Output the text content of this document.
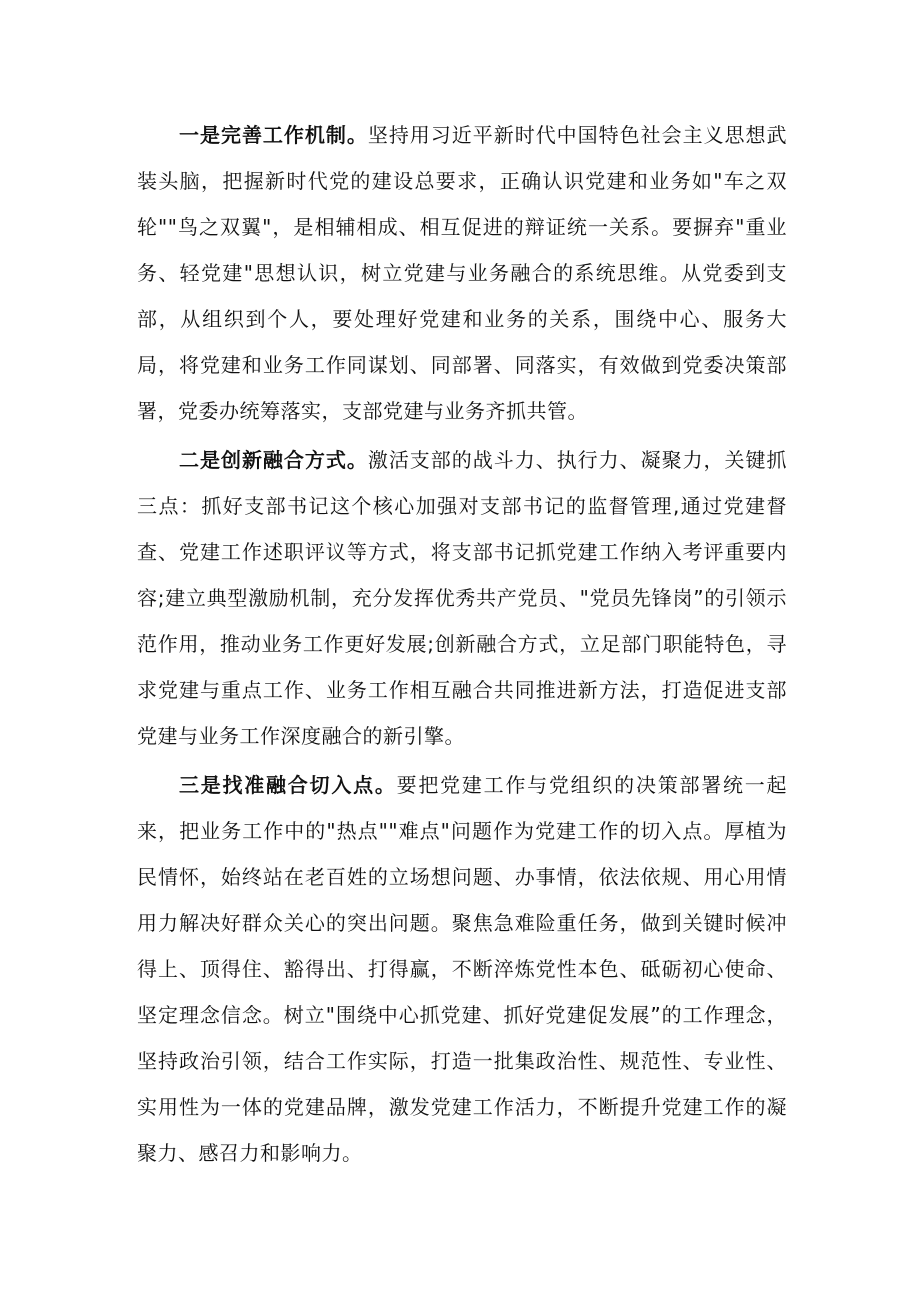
一是完善工作机制。坚持用习近平新时代中国特色社会主义思想武装头脑，把握新时代党的建设总要求，正确认识党建和业务如"车之双轮""鸟之双翼"，是相辅相成、相互促进的辩证统一关系。要摒弃"重业务、轻党建"思想认识，树立党建与业务融合的系统思维。从党委到支部，从组织到个人，要处理好党建和业务的关系，围绕中心、服务大局，将党建和业务工作同谋划、同部署、同落实，有效做到党委决策部署，党委办统筹落实，支部党建与业务齐抓共管。

二是创新融合方式。激活支部的战斗力、执行力、凝聚力，关键抓三点：抓好支部书记这个核心加强对支部书记的监督管理,通过党建督查、党建工作述职评议等方式，将支部书记抓党建工作纳入考评重要内容;建立典型激励机制，充分发挥优秀共产党员、"党员先锋岗”的引领示范作用，推动业务工作更好发展;创新融合方式，立足部门职能特色，寻求党建与重点工作、业务工作相互融合共同推进新方法，打造促进支部党建与业务工作深度融合的新引擎。

三是找准融合切入点。要把党建工作与党组织的决策部署统一起来，把业务工作中的"热点""难点"问题作为党建工作的切入点。厚植为民情怀，始终站在老百姓的立场想问题、办事情，依法依规、用心用情用力解决好群众关心的突出问题。聚焦急难险重任务，做到关键时候冲得上、顶得住、豁得出、打得赢，不断淬炼党性本色、砥砺初心使命、坚定理念信念。树立"围绕中心抓党建、抓好党建促发展”的工作理念，坚持政治引领，结合工作实际，打造一批集政治性、规范性、专业性、实用性为一体的党建品牌，激发党建工作活力，不断提升党建工作的凝聚力、感召力和影响力。
